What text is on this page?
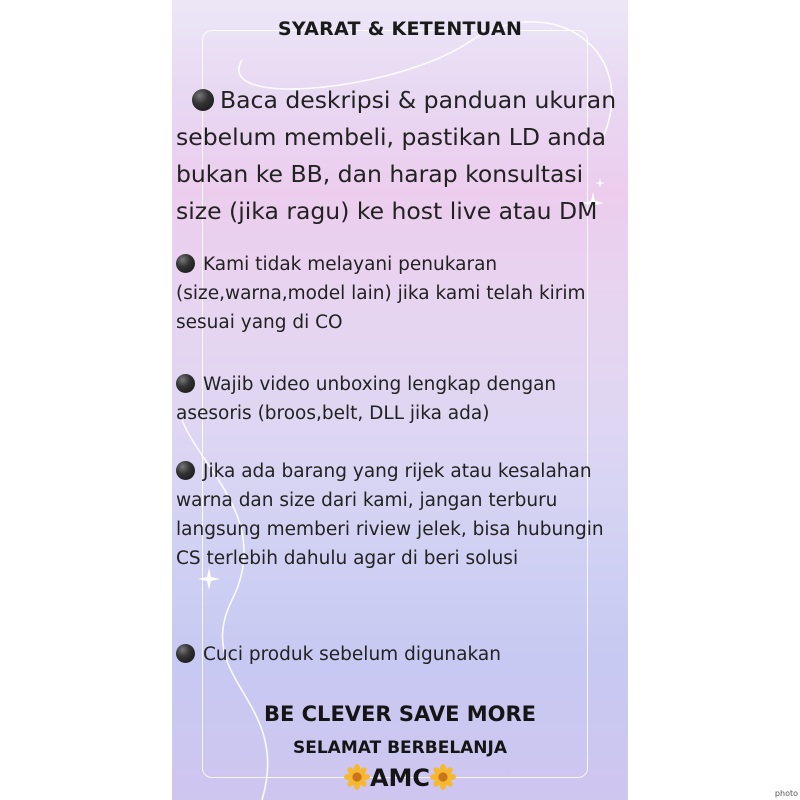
SYARAT & KETENTUAN
Baca deskripsi & panduan ukuran sebelum membeli, pastikan LD anda bukan ke BB, dan harap konsultasi size (jika ragu) ke host live atau DM
Kami tidak melayani penukaran (size,warna,model lain) jika kami telah kirim sesuai yang di CO
Wajib video unboxing lengkap dengan asesoris (broos,belt, DLL jika ada)
Jika ada barang yang rijek atau kesalahan warna dan size dari kami, jangan terburu langsung memberi riview jelek, bisa hubungin CS terlebih dahulu agar di beri solusi
Cuci produk sebelum digunakan
BE CLEVER SAVE MORE
SELAMAT BERBELANJA
AMC
photo
